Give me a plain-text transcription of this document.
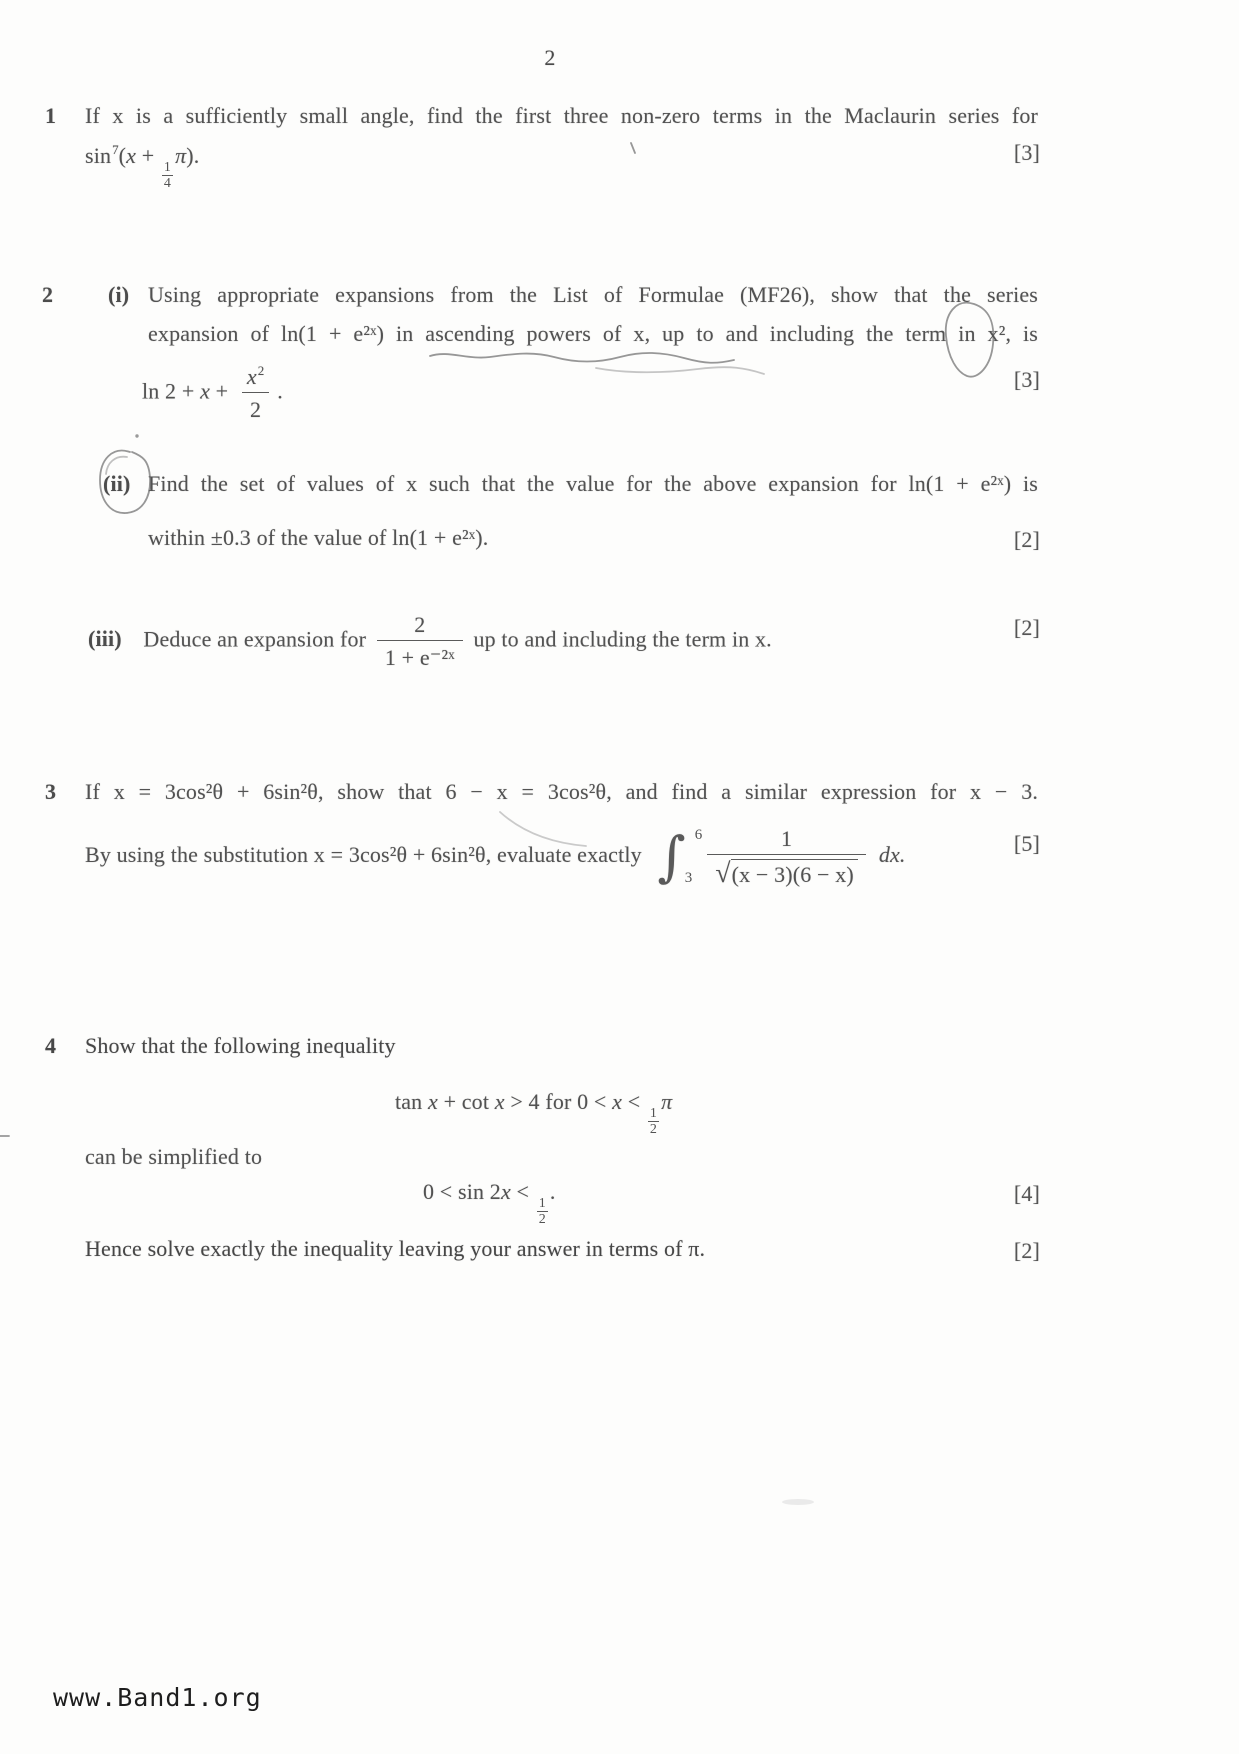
2
1 If x is a sufficiently small angle, find the first three non-zero terms in the Maclaurin series for
$\sin^7(x$ +
$\frac{1}{4}$
π).	[3]
2 (i) Using appropriate expansions from the List of Formulae (MF26), show that the series
expansion of ln(1 + e²ˣ) in ascending powers of x, up to and including the term in x², is
$\ln 2 + x + \frac{x^2}{2}$ .	[3]
(ii) Find the set of values of x such that the value for the above expansion for ln(1 + e²ˣ) is
within ±0.3 of the value of ln(1 + e²ˣ).	[2]
(iii) Deduce an expansion for $\frac{2}{\text{1 + e⁻²ˣ}}$ up to and including the term in x.	[2]
3 If x = 3cos²θ + 6sin²θ, show that 6 − x = 3cos²θ, and find a similar expression for x − 3.
By using the substitution x = 3cos²θ + 6sin²θ, evaluate exactly ∫ 6
$3 \frac{1}{√ (x - 3)(6 - x)}$ dx.	[5]
4 Show that the following inequality
tan x + cot x > 4 for 0 < x <
$\frac{1}{2}$
π
can be simplified to
0 < sin 2x <
$\frac{1}{2}$
.	[4]
Hence solve exactly the inequality leaving your answer in terms of π.	[2]
www.Band1.org
